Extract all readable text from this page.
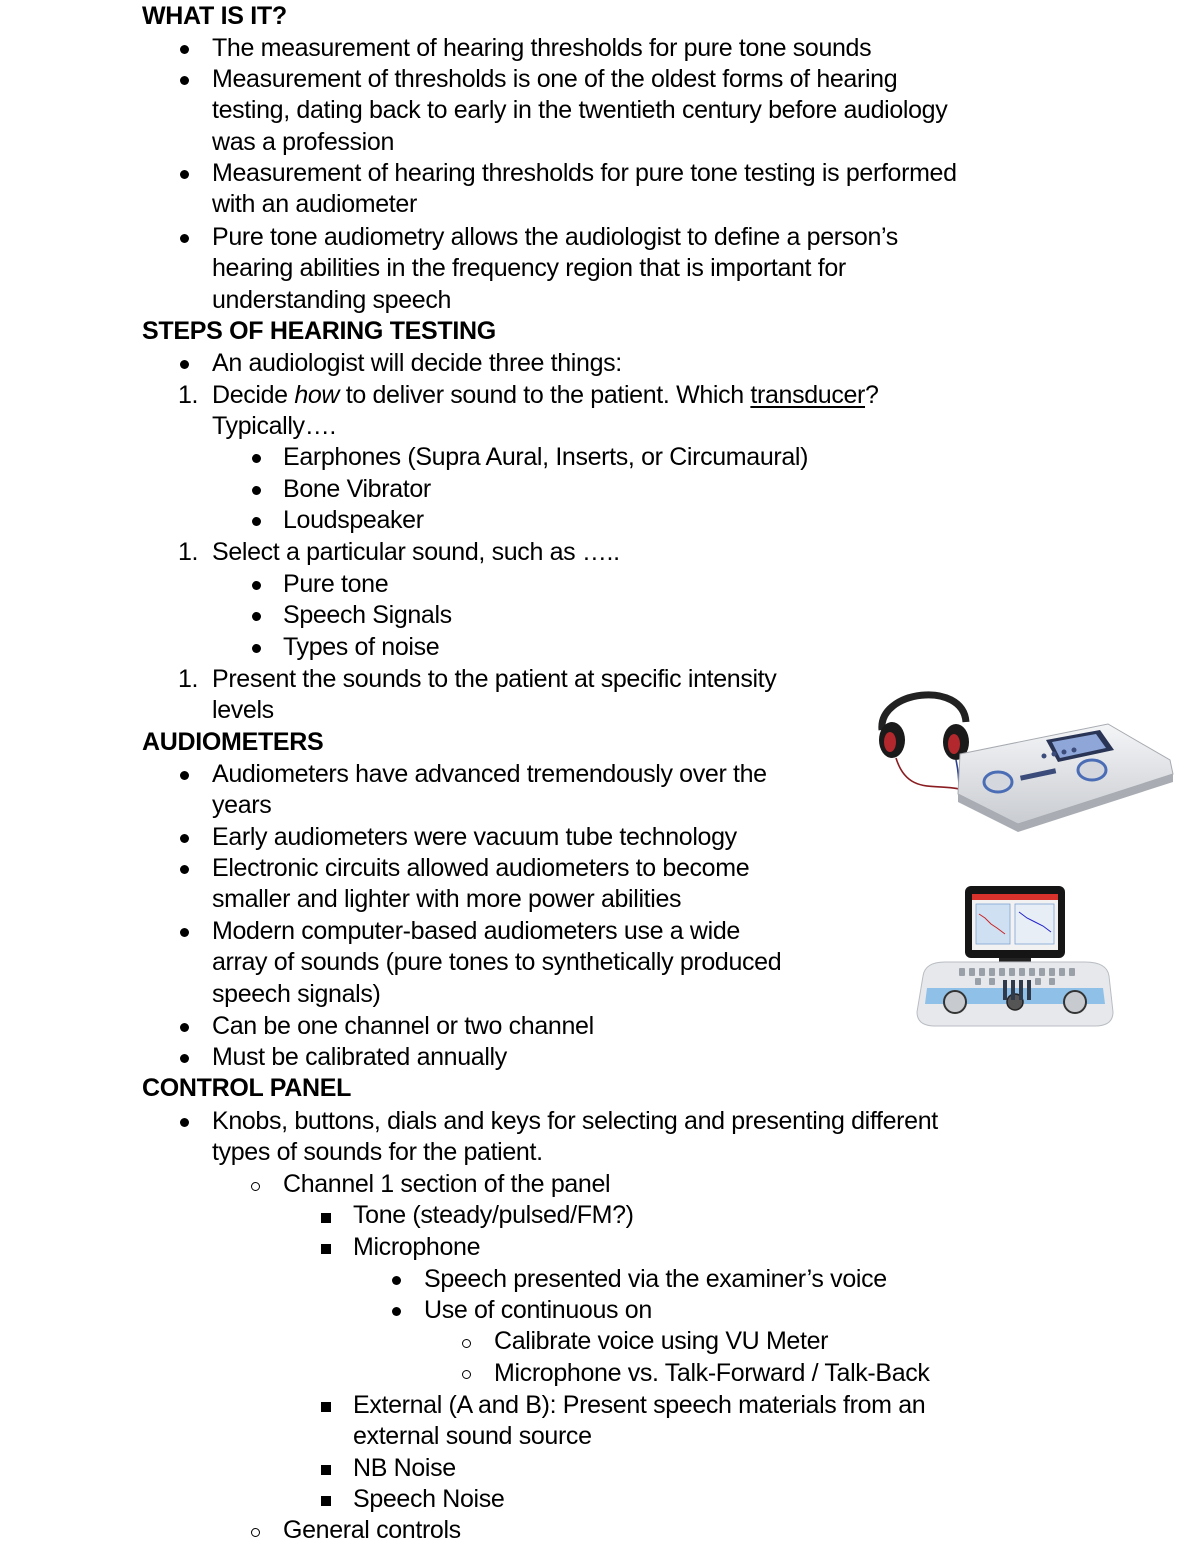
WHAT IS IT?
The measurement of hearing thresholds for pure tone sounds
Measurement of thresholds is one of the oldest forms of hearing
testing, dating back to early in the twentieth century before audiology
was a profession
Measurement of hearing thresholds for pure tone testing is performed
with an audiometer
Pure tone audiometry allows the audiologist to define a person’s
hearing abilities in the frequency region that is important for
understanding speech
STEPS OF HEARING TESTING
An audiologist will decide three things:
1. Decide how to deliver sound to the patient. Which transducer?
Typically….
Earphones (Supra Aural, Inserts, or Circumaural)
Bone Vibrator
Loudspeaker
1. Select a particular sound, such as …..
Pure tone
Speech Signals
Types of noise
1. Present the sounds to the patient at specific intensity
levels
AUDIOMETERS
Audiometers have advanced tremendously over the
years
Early audiometers were vacuum tube technology
Electronic circuits allowed audiometers to become
smaller and lighter with more power abilities
Modern computer-based audiometers use a wide
array of sounds (pure tones to synthetically produced
speech signals)
Can be one channel or two channel
Must be calibrated annually
CONTROL PANEL
Knobs, buttons, dials and keys for selecting and presenting different
types of sounds for the patient.
Channel 1 section of the panel
Tone (steady/pulsed/FM?)
Microphone
Speech presented via the examiner’s voice
Use of continuous on
Calibrate voice using VU Meter
Microphone vs. Talk-Forward / Talk-Back
External (A and B): Present speech materials from an
external sound source
NB Noise
Speech Noise
General controls
